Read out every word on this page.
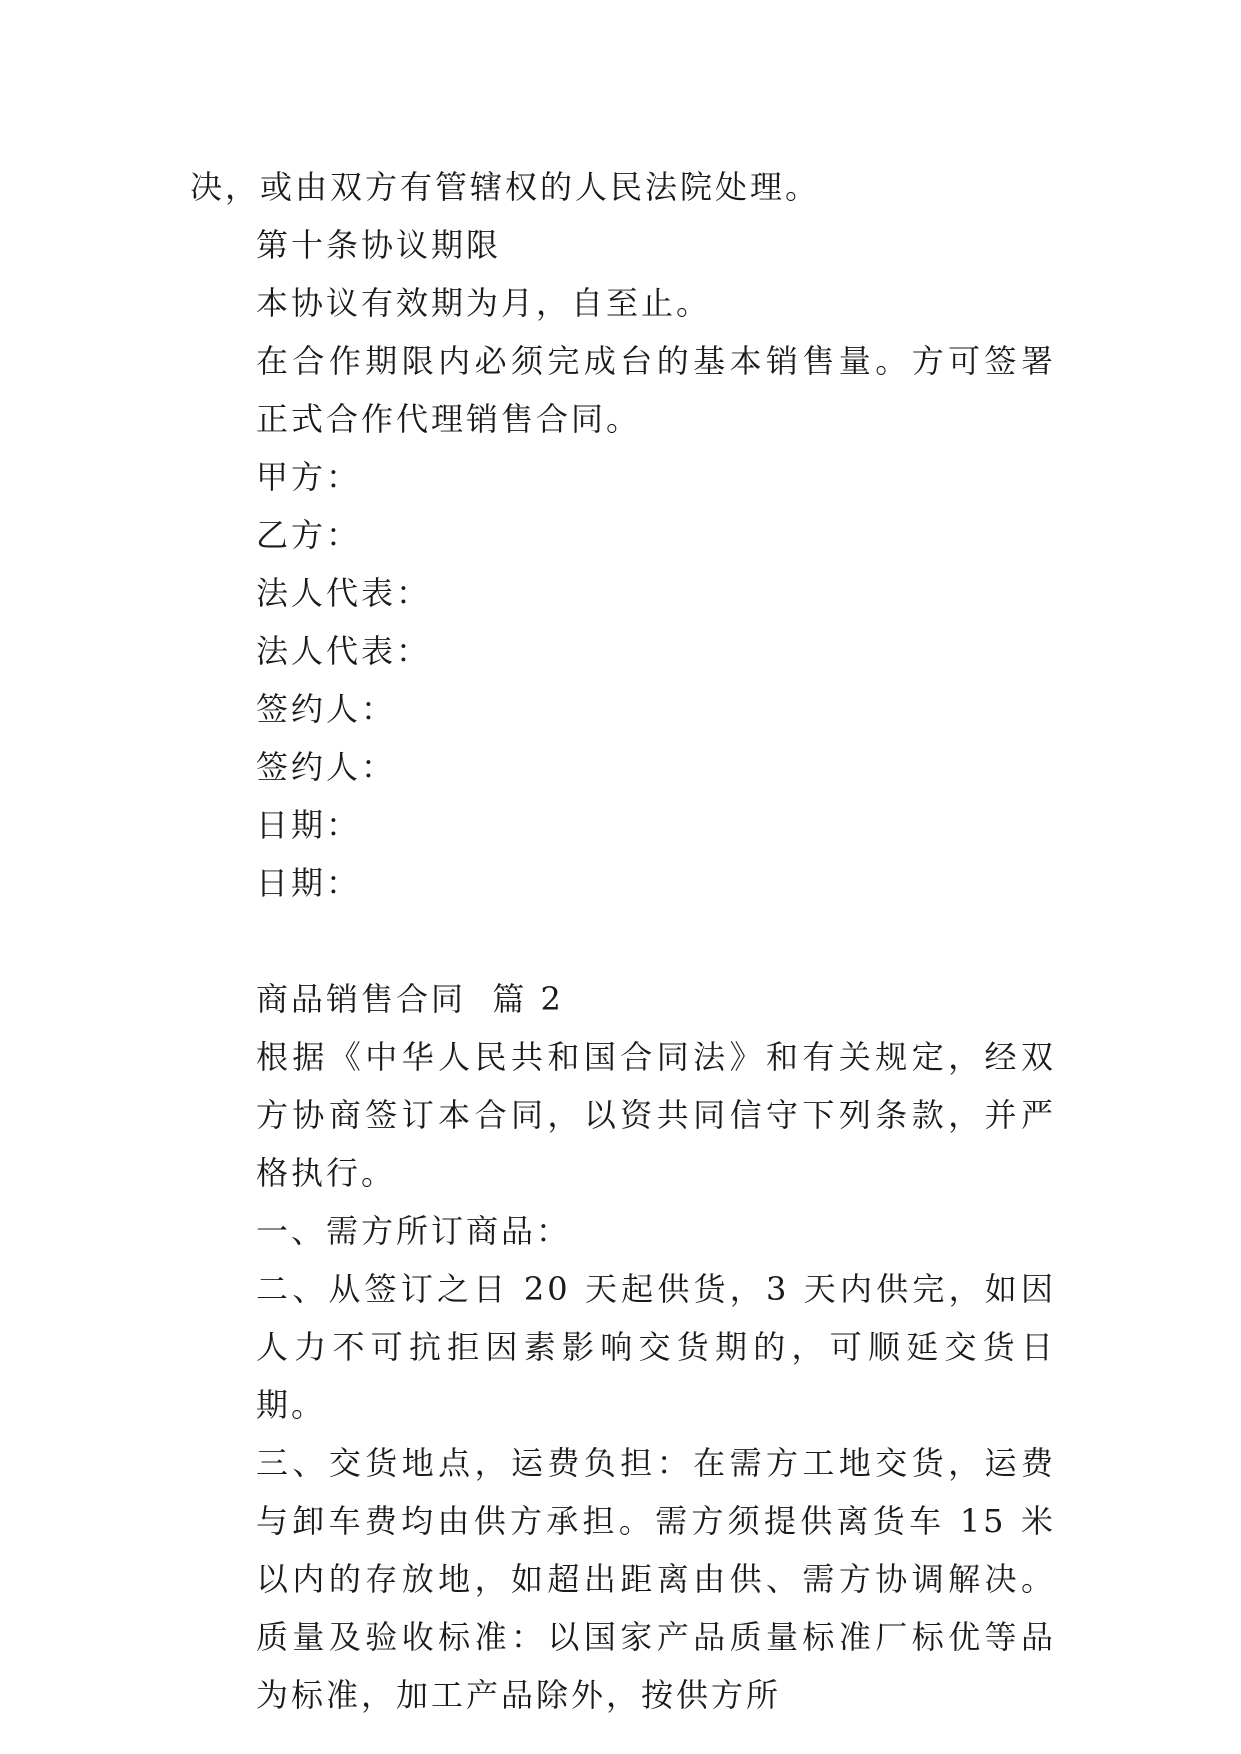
决，或由双方有管辖权的人民法院处理。

第十条协议期限

本协议有效期为月，自至止。

在合作期限内必须完成台的基本销售量。方可签署正式合作代理销售合同。

甲方：

乙方：

法人代表：

法人代表：

签约人：

签约人：

日期：

日期：

商品销售合同  篇 2

根据《中华人民共和国合同法》和有关规定，经双方协商签订本合同，以资共同信守下列条款，并严格执行。

一、需方所订商品：

二、从签订之日 20 天起供货，3 天内供完，如因人力不可抗拒因素影响交货期的，可顺延交货日期。

三、交货地点，运费负担：在需方工地交货，运费与卸车费均由供方承担。需方须提供离货车 15 米以内的存放地，如超出距离由供、需方协调解决。质量及验收标准：以国家产品质量标准厂标优等品为标准，加工产品除外，按供方所
